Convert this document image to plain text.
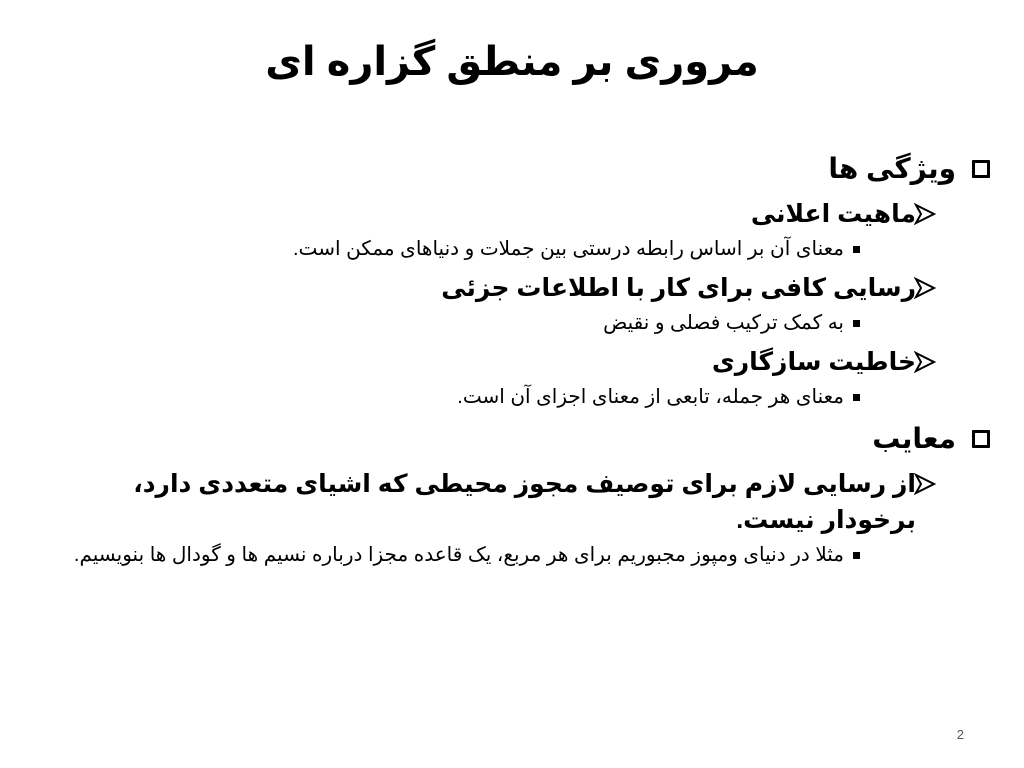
مروری بر منطق گزاره ای
ویژگی ها
ماهیت اعلانی
معنای آن بر اساس رابطه درستی بین جملات و دنیاهای ممکن است.
رسایی کافی برای کار با اطلاعات جزئی
به کمک ترکیب فصلی و نقیض
خاطیت سازگاری
معنای هر جمله، تابعی از معنای اجزای آن است.
معایب
از رسایی لازم برای توصیف مجوز محیطی که اشیای متعددی دارد، برخودار نیست.
مثلا در دنیای ومپوز مجبوریم برای هر مربع، یک قاعده مجزا درباره نسیم ها و گودال ها بنویسیم.
2
